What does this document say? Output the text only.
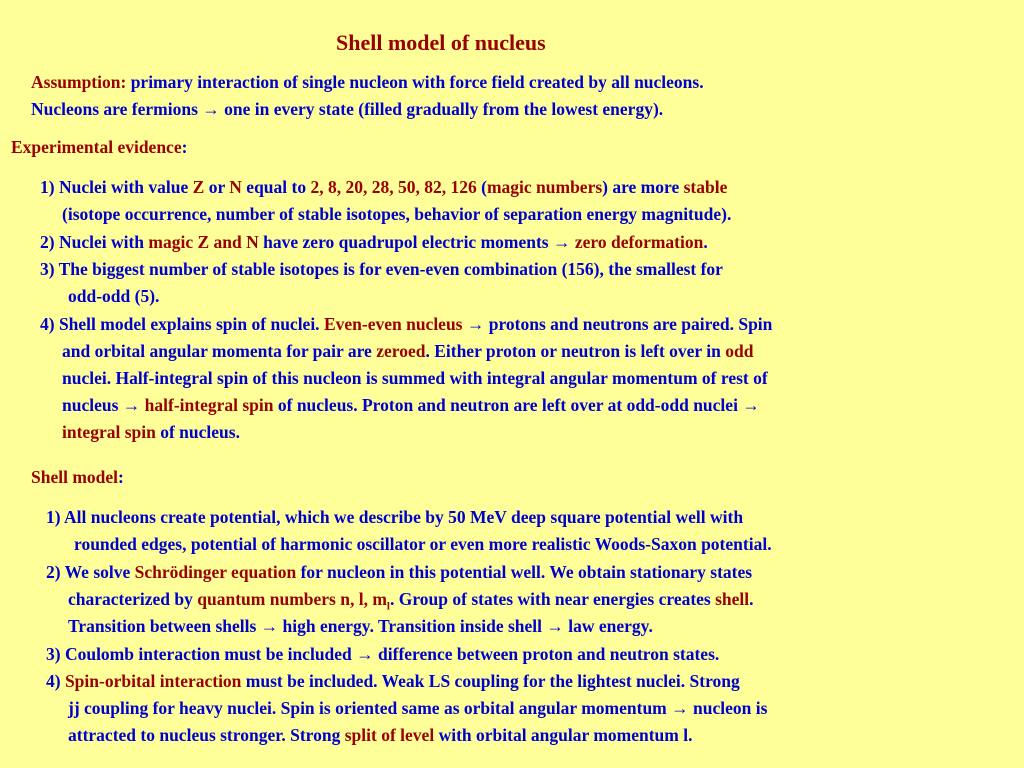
Shell model of nucleus
Assumption: primary interaction of single nucleon with force field created by all nucleons.
Nucleons are fermions → one in every state (filled gradually from the lowest energy).
Experimental evidence:
1) Nuclei with value Z or N equal to 2, 8, 20, 28, 50, 82, 126 (magic numbers) are more stable
(isotope occurrence, number of stable isotopes, behavior of separation energy magnitude).
2) Nuclei with magic Z and N have zero quadrupol electric moments → zero deformation.
3) The biggest number of stable isotopes is for even-even combination (156), the smallest for
odd-odd (5).
4) Shell model explains spin of nuclei. Even-even nucleus → protons and neutrons are paired. Spin
and orbital angular momenta for pair are zeroed. Either proton or neutron is left over in odd
nuclei. Half-integral spin of this nucleon is summed with integral angular momentum of rest of
nucleus → half-integral spin of nucleus. Proton and neutron are left over at odd-odd nuclei →
integral spin of nucleus.
Shell model:
1) All nucleons create potential, which we describe by 50 MeV deep square potential well with
rounded edges, potential of harmonic oscillator or even more realistic Woods-Saxon potential.
2) We solve Schrödinger equation for nucleon in this potential well. We obtain stationary states
characterized by quantum numbers n, l, $m_l$. Group of states with near energies creates shell.
Transition between shells → high energy. Transition inside shell → law energy.
3) Coulomb interaction must be included → difference between proton and neutron states.
4) Spin-orbital interaction must be included. Weak LS coupling for the lightest nuclei. Strong
jj coupling for heavy nuclei. Spin is oriented same as orbital angular momentum → nucleon is
attracted to nucleus stronger. Strong split of level with orbital angular momentum l.
